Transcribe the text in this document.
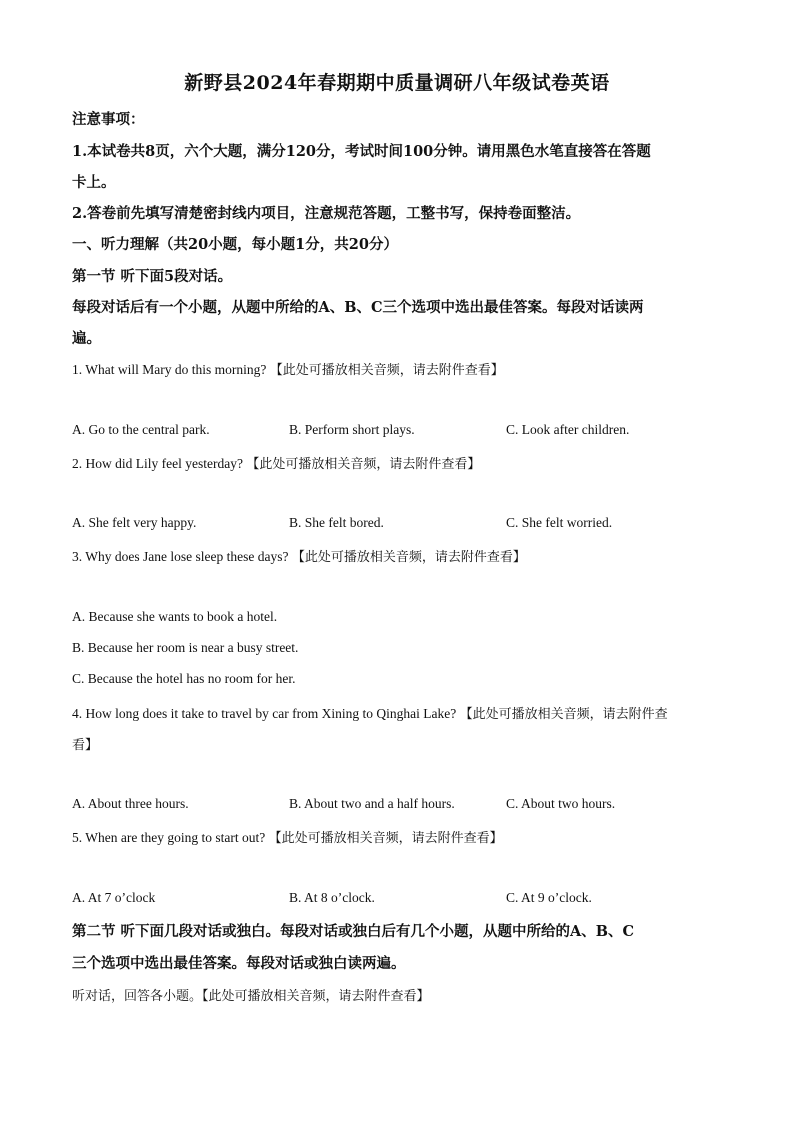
新野县2024年春期期中质量调研八年级试卷英语
注意事项：
1.本试卷共8页，六个大题，满分120分，考试时间100分钟。请用黑色水笔直接答在答题
卡上。
2.答卷前先填写清楚密封线内项目，注意规范答题，工整书写，保持卷面整洁。
一、听力理解（共20小题，每小题1分，共20分）
第一节 听下面5段对话。
每段对话后有一个小题，从题中所给的A、B、C三个选项中选出最佳答案。每段对话读两
遍。
1. What will Mary do this morning? 【此处可播放相关音频，请去附件查看】
A. Go to the central park.	B. Perform short plays.	C. Look after children.
2. How did Lily feel yesterday? 【此处可播放相关音频，请去附件查看】
A. She felt very happy.	B. She felt bored.	C. She felt worried.
3. Why does Jane lose sleep these days? 【此处可播放相关音频，请去附件查看】
A. Because she wants to book a hotel.
B. Because her room is near a busy street.
C. Because the hotel has no room for her.
4. How long does it take to travel by car from Xining to Qinghai Lake? 【此处可播放相关音频，请去附件查
看】
A. About three hours.	B. About two and a half hours.	C. About two hours.
5. When are they going to start out? 【此处可播放相关音频，请去附件查看】
A. At 7 o’clock	B. At 8 o’clock.	C. At 9 o’clock.
第二节 听下面几段对话或独白。每段对话或独白后有几个小题，从题中所给的A、B、C
三个选项中选出最佳答案。每段对话或独白读两遍。
听对话，回答各小题。【此处可播放相关音频，请去附件查看】
